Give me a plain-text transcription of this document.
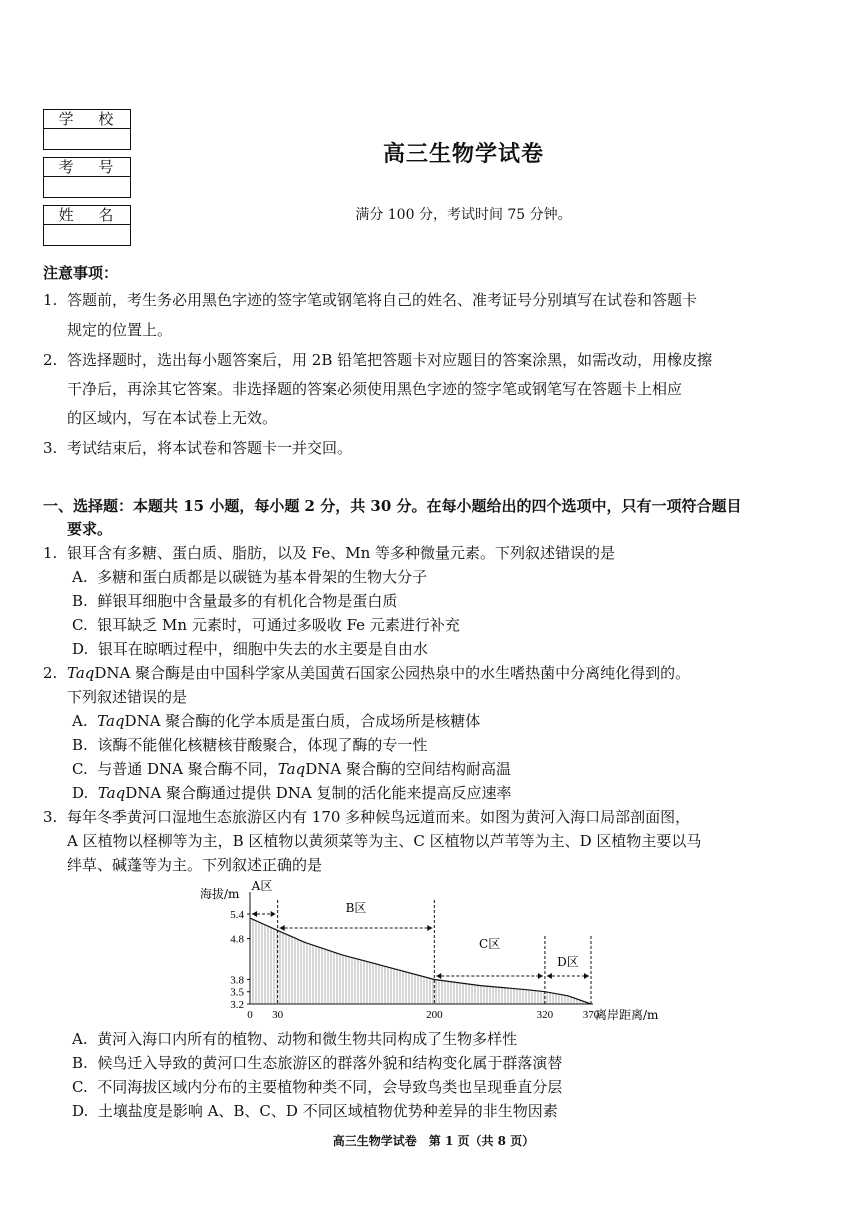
学 校
考 号
姓 名
高三生物学试卷
满分 100 分，考试时间 75 分钟。
注意事项：
1. 答题前，考生务必用黑色字迹的签字笔或钢笔将自己的姓名、准考证号分别填写在试卷和答题卡
规定的位置上。
2. 答选择题时，选出每小题答案后，用 2B 铅笔把答题卡对应题目的答案涂黑，如需改动，用橡皮擦
干净后，再涂其它答案。非选择题的答案必须使用黑色字迹的签字笔或钢笔写在答题卡上相应
的区域内，写在本试卷上无效。
3. 考试结束后，将本试卷和答题卡一并交回。
一、选择题：本题共 15 小题，每小题 2 分，共 30 分。在每小题给出的四个选项中，只有一项符合题目
要求。
1. 银耳含有多糖、蛋白质、脂肪，以及 Fe、Mn 等多种微量元素。下列叙述错误的是
A. 多糖和蛋白质都是以碳链为基本骨架的生物大分子
B. 鲜银耳细胞中含量最多的有机化合物是蛋白质
C. 银耳缺乏 Mn 元素时，可通过多吸收 Fe 元素进行补充
D. 银耳在晾晒过程中，细胞中失去的水主要是自由水
2. TaqDNA 聚合酶是由中国科学家从美国黄石国家公园热泉中的水生嗜热菌中分离纯化得到的。
下列叙述错误的是
A. TaqDNA 聚合酶的化学本质是蛋白质，合成场所是核糖体
B. 该酶不能催化核糖核苷酸聚合，体现了酶的专一性
C. 与普通 DNA 聚合酶不同，TaqDNA 聚合酶的空间结构耐高温
D. TaqDNA 聚合酶通过提供 DNA 复制的活化能来提高反应速率
3. 每年冬季黄河口湿地生态旅游区内有 170 多种候鸟远道而来。如图为黄河入海口局部剖面图，
A 区植物以柽柳等为主，B 区植物以黄须菜等为主、C 区植物以芦苇等为主、D 区植物主要以马
绊草、碱蓬等为主。下列叙述正确的是
5.4
4.8
3.8
3.5
3.2
0 30	200	320	370
海拔/m
离岸距离/m
A区
B区
C区
D区
A. 黄河入海口内所有的植物、动物和微生物共同构成了生物多样性
B. 候鸟迁入导致的黄河口生态旅游区的群落外貌和结构变化属于群落演替
C. 不同海拔区域内分布的主要植物种类不同，会导致鸟类也呈现垂直分层
D. 土壤盐度是影响 A、B、C、D 不同区域植物优势种差异的非生物因素
高三生物学试卷　第 1 页（共 8 页）
